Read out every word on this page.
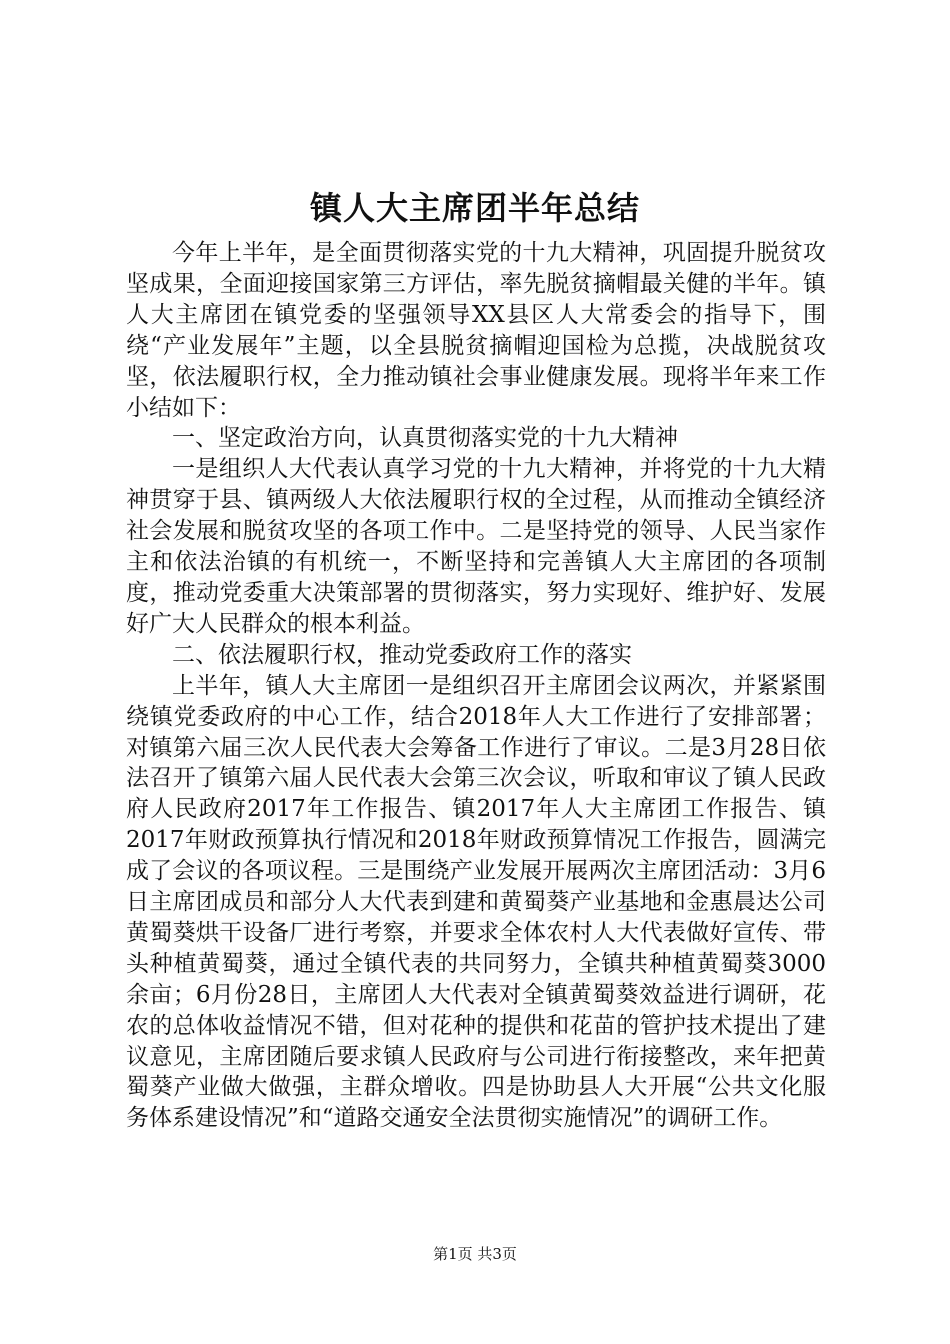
镇人大主席团半年总结

今年上半年，是全面贯彻落实党的十九大精神，巩固提升脱贫攻坚成果，全面迎接国家第三方评估，率先脱贫摘帽最关健的半年。镇人大主席团在镇党委的坚强领导XX县区人大常委会的指导下，围绕“产业发展年”主题，以全县脱贫摘帽迎国检为总揽，决战脱贫攻坚，依法履职行权，全力推动镇社会事业健康发展。现将半年来工作小结如下：

一、坚定政治方向，认真贯彻落实党的十九大精神

一是组织人大代表认真学习党的十九大精神，并将党的十九大精神贯穿于县、镇两级人大依法履职行权的全过程，从而推动全镇经济社会发展和脱贫攻坚的各项工作中。二是坚持党的领导、人民当家作主和依法治镇的有机统一，不断坚持和完善镇人大主席团的各项制度，推动党委重大决策部署的贯彻落实，努力实现好、维护好、发展好广大人民群众的根本利益。

二、依法履职行权，推动党委政府工作的落实

上半年，镇人大主席团一是组织召开主席团会议两次，并紧紧围绕镇党委政府的中心工作，结合2018年人大工作进行了安排部署；对镇第六届三次人民代表大会筹备工作进行了审议。二是3月28日依法召开了镇第六届人民代表大会第三次会议，听取和审议了镇人民政府人民政府2017年工作报告、镇2017年人大主席团工作报告、镇2017年财政预算执行情况和2018年财政预算情况工作报告，圆满完成了会议的各项议程。三是围绕产业发展开展两次主席团活动：3月6日主席团成员和部分人大代表到建和黄蜀葵产业基地和金惠晨达公司黄蜀葵烘干设备厂进行考察，并要求全体农村人大代表做好宣传、带头种植黄蜀葵，通过全镇代表的共同努力，全镇共种植黄蜀葵3000余亩；6月份28日，主席团人大代表对全镇黄蜀葵效益进行调研，花农的总体收益情况不错，但对花种的提供和花苗的管护技术提出了建议意见，主席团随后要求镇人民政府与公司进行衔接整改，来年把黄蜀葵产业做大做强，主群众增收。四是协助县人大开展“公共文化服务体系建设情况”和“道路交通安全法贯彻实施情况”的调研工作。

第1页 共3页
